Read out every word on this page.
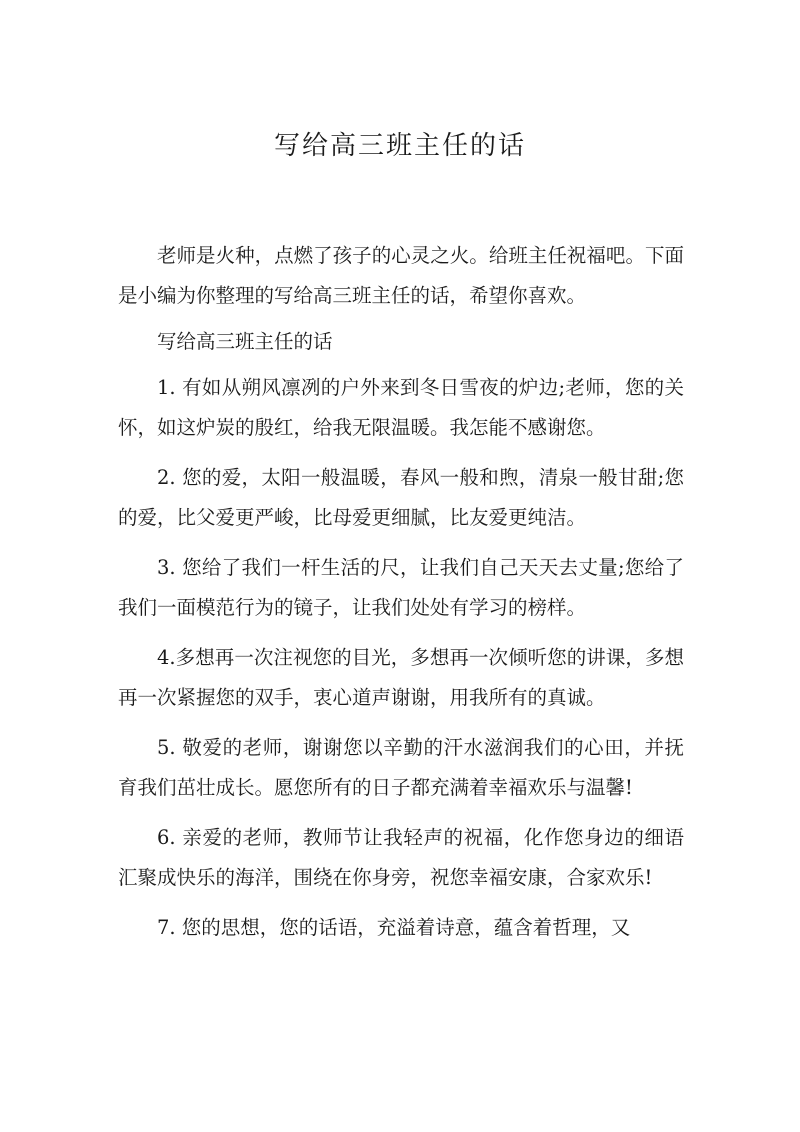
写给高三班主任的话

老师是火种，点燃了孩子的心灵之火。给班主任祝福吧。下面是小编为你整理的写给高三班主任的话，希望你喜欢。

写给高三班主任的话

1. 有如从朔风凛冽的户外来到冬日雪夜的炉边;老师，您的关怀，如这炉炭的殷红，给我无限温暖。我怎能不感谢您。

2. 您的爱，太阳一般温暖，春风一般和煦，清泉一般甘甜;您的爱，比父爱更严峻，比母爱更细腻，比友爱更纯洁。

3. 您给了我们一杆生活的尺，让我们自己天天去丈量;您给了我们一面模范行为的镜子，让我们处处有学习的榜样。

4.多想再一次注视您的目光，多想再一次倾听您的讲课，多想再一次紧握您的双手，衷心道声谢谢，用我所有的真诚。

5. 敬爱的老师，谢谢您以辛勤的汗水滋润我们的心田，并抚育我们茁壮成长。愿您所有的日子都充满着幸福欢乐与温馨!

6. 亲爱的老师，教师节让我轻声的祝福，化作您身边的细语汇聚成快乐的海洋，围绕在你身旁，祝您幸福安康，合家欢乐!

7. 您的思想，您的话语，充溢着诗意，蕴含着哲理，又
